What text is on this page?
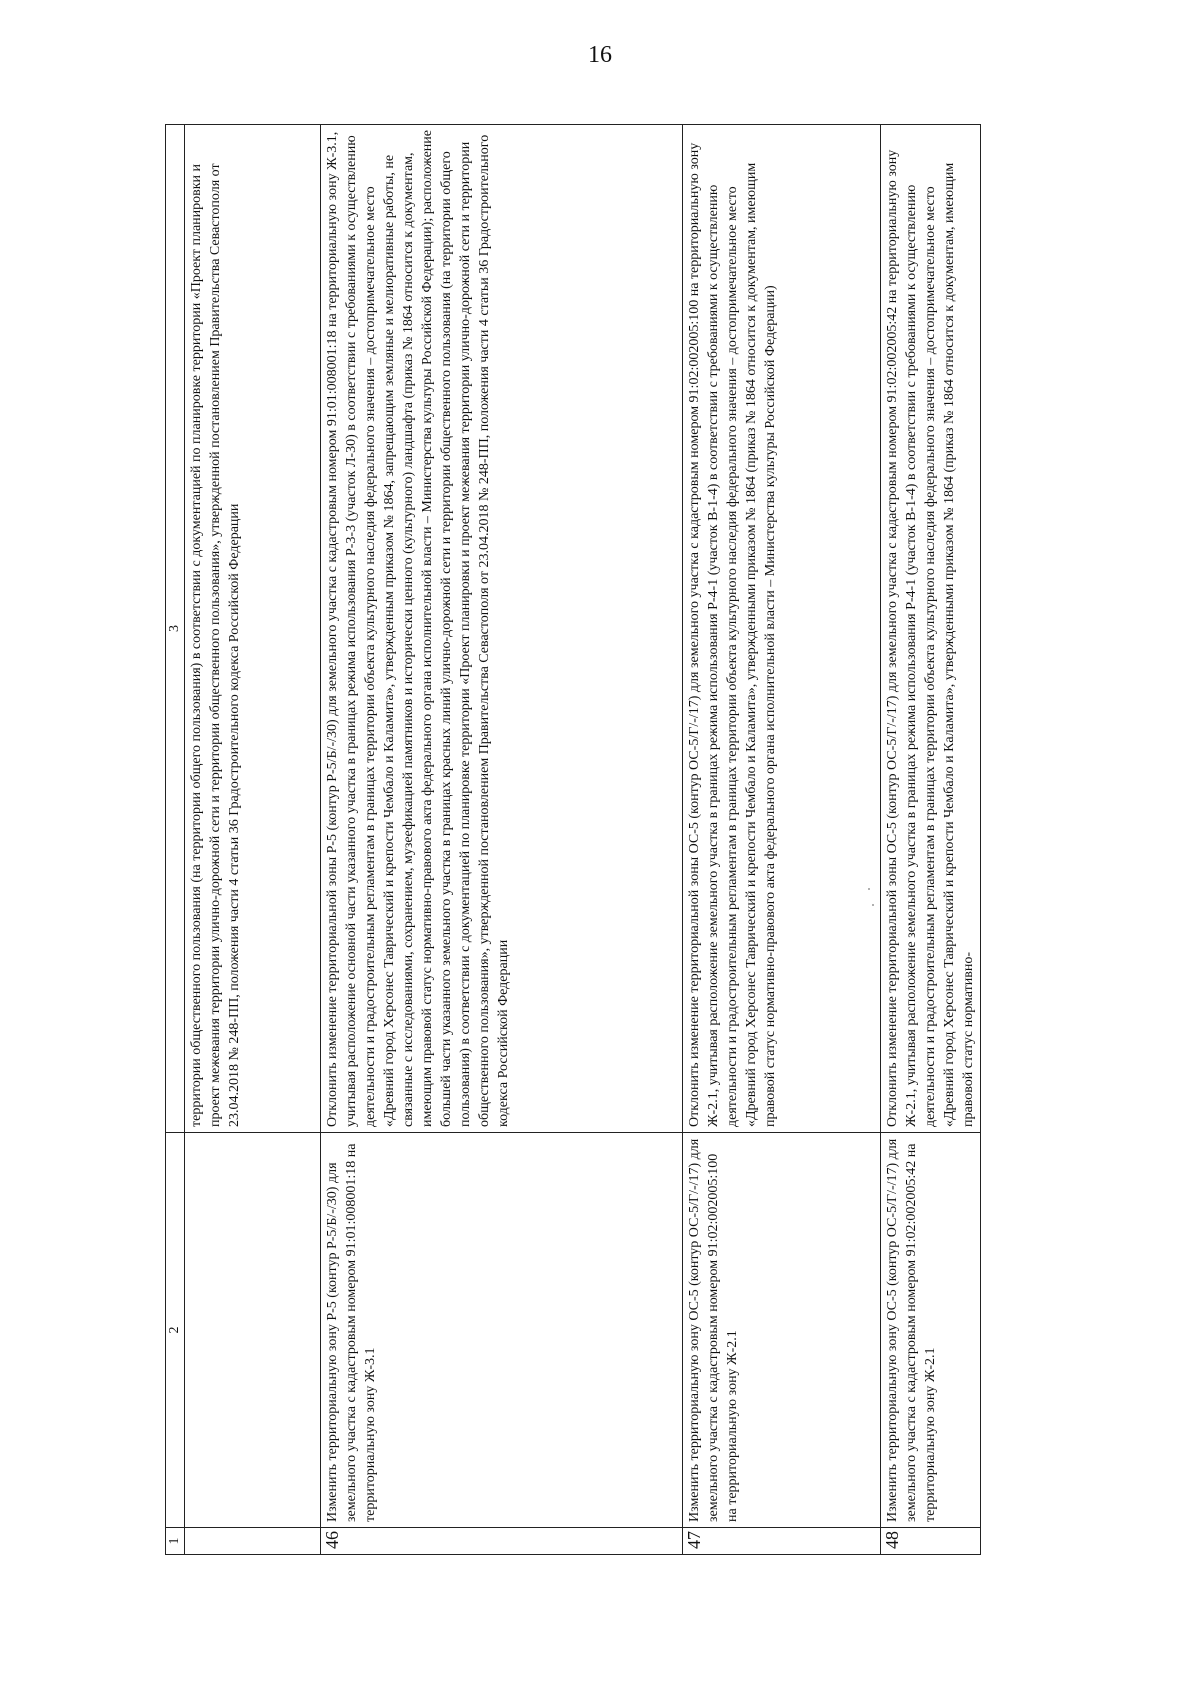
16
1	2	3
		территории общественного пользования (на территории общего пользования) в соответствии с документацией по планировке территории «Проект планировки и проект межевания территории улично-дорожной сети и территории общественного пользования», утвержденной постановлением Правительства Севастополя от 23.04.2018 № 248-ПП, положения части 4 статьи 36 Градостроительного кодекса Российской Федерации
46	Изменить территориальную зону Р-5 (контур Р-5/Б/-/30) для земельного участка с кадастровым номером 91:01:008001:18 на территориальную зону Ж-3.1	Отклонить изменение территориальной зоны Р-5 (контур Р-5/Б/-/30) для земельного участка с кадастровым номером 91:01:008001:18 на территориальную зону Ж-3.1, учитывая расположение основной части указанного участка в границах режима использования Р-3-3 (участок Л-30) в соответствии с требованиями к осуществлению деятельности и градостроительным регламентам в границах территории объекта культурного наследия федерального значения – достопримечательное место «Древний город Херсонес Таврический и крепости Чембало и Каламита», утвержденным приказом № 1864, запрещающим земляные и мелиоративные работы, не связанные с исследованиями, сохранением, музеефикацией памятников и исторически ценного (культурного) ландшафта (приказ № 1864 относится к документам, имеющим правовой статус нормативно-правового акта федерального органа исполнительной власти – Министерства культуры Российской Федерации); расположение большей части указанного земельного участка в границах красных линий улично-дорожной сети и территории общественного пользования (на территории общего пользования) в соответствии с документацией по планировке территории «Проект планировки и проект межевания территории улично-дорожной сети и территории общественного пользования», утвержденной постановлением Правительства Севастополя от 23.04.2018 № 248-ПП, положения части 4 статьи 36 Градостроительного кодекса Российской Федерации
47	Изменить территориальную зону ОС-5 (контур ОС-5/Г/-/17) для земельного участка с кадастровым номером 91:02:002005:100 на территориальную зону Ж-2.1	Отклонить изменение территориальной зоны ОС-5 (контур ОС-5/Г/-/17) для земельного участка с кадастровым номером 91:02:002005:100 на территориальную зону Ж-2.1, учитывая расположение земельного участка в границах режима использования Р-4-1 (участок В-1-4) в соответствии с требованиями к осуществлению деятельности и градостроительным регламентам в границах территории объекта культурного наследия федерального значения – достопримечательное место «Древний город Херсонес Таврический и крепости Чембало и Каламита», утвержденными приказом № 1864 (приказ № 1864 относится к документам, имеющим правовой статус нормативно-правового акта федерального органа исполнительной власти – Министерства культуры Российской Федерации)
48	Изменить территориальную зону ОС-5 (контур ОС-5/Г/-/17) для земельного участка с кадастровым номером 91:02:002005:42 на территориальную зону Ж-2.1	Отклонить изменение территориальной зоны ОС-5 (контур ОС-5/Г/-/17) для земельного участка с кадастровым номером 91:02:002005:42 на территориальную зону Ж-2.1, учитывая расположение земельного участка в границах режима использования Р-4-1 (участок В-1-4) в соответствии с требованиями к осуществлению деятельности и градостроительным регламентам в границах территории объекта культурного наследия федерального значения – достопримечательное место «Древний город Херсонес Таврический и крепости Чембало и Каламита», утвержденными приказом № 1864 (приказ № 1864 относится к документам, имеющим правовой статус нормативно-
